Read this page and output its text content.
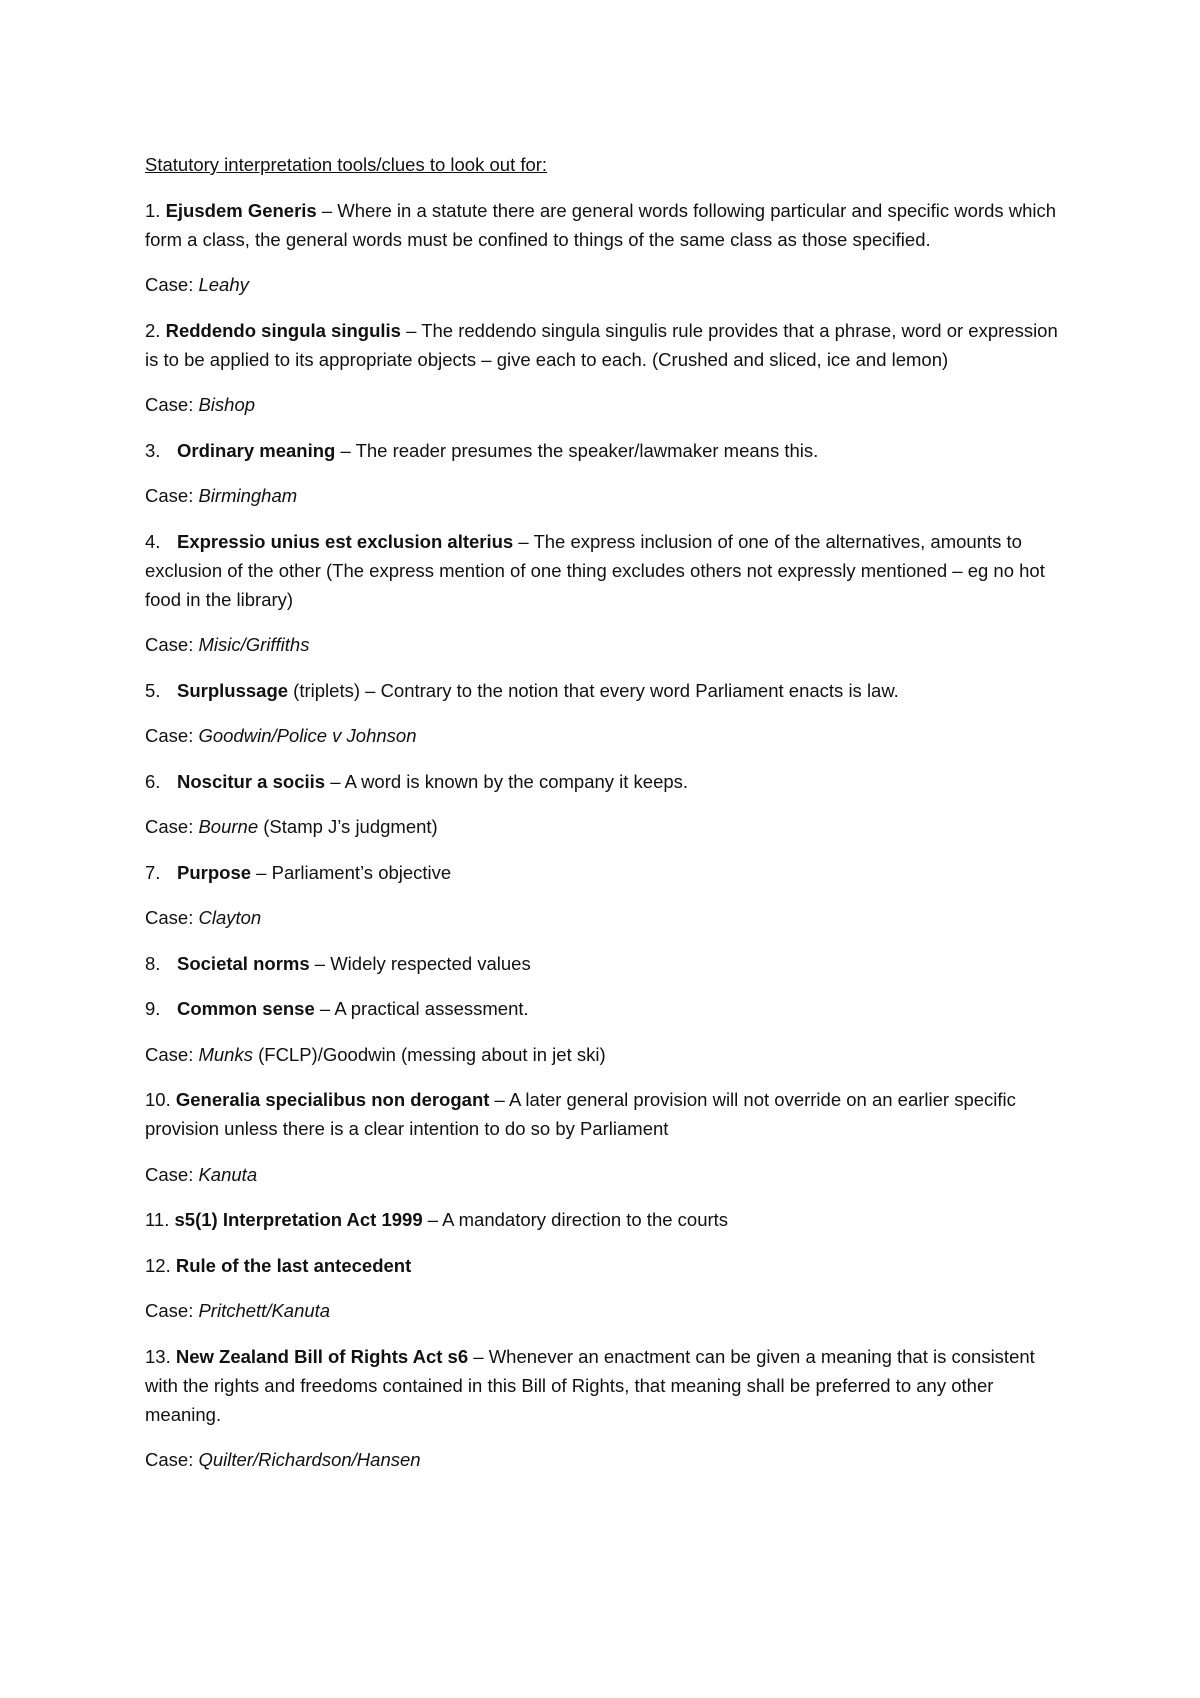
Statutory interpretation tools/clues to look out for:
1. Ejusdem Generis – Where in a statute there are general words following particular and specific words which form a class, the general words must be confined to things of the same class as those specified.
Case: Leahy
2. Reddendo singula singulis – The reddendo singula singulis rule provides that a phrase, word or expression is to be applied to its appropriate objects – give each to each. (Crushed and sliced, ice and lemon)
Case: Bishop
3. Ordinary meaning – The reader presumes the speaker/lawmaker means this.
Case: Birmingham
4. Expressio unius est exclusion alterius – The express inclusion of one of the alternatives, amounts to exclusion of the other (The express mention of one thing excludes others not expressly mentioned – eg no hot food in the library)
Case: Misic/Griffiths
5. Surplussage (triplets) – Contrary to the notion that every word Parliament enacts is law.
Case: Goodwin/Police v Johnson
6. Noscitur a sociis – A word is known by the company it keeps.
Case: Bourne (Stamp J’s judgment)
7. Purpose – Parliament’s objective
Case: Clayton
8. Societal norms – Widely respected values
9. Common sense – A practical assessment.
Case: Munks (FCLP)/Goodwin (messing about in jet ski)
10. Generalia specialibus non derogant – A later general provision will not override on an earlier specific provision unless there is a clear intention to do so by Parliament
Case: Kanuta
11. s5(1) Interpretation Act 1999 – A mandatory direction to the courts
12. Rule of the last antecedent
Case: Pritchett/Kanuta
13. New Zealand Bill of Rights Act s6 – Whenever an enactment can be given a meaning that is consistent with the rights and freedoms contained in this Bill of Rights, that meaning shall be preferred to any other meaning.
Case: Quilter/Richardson/Hansen
